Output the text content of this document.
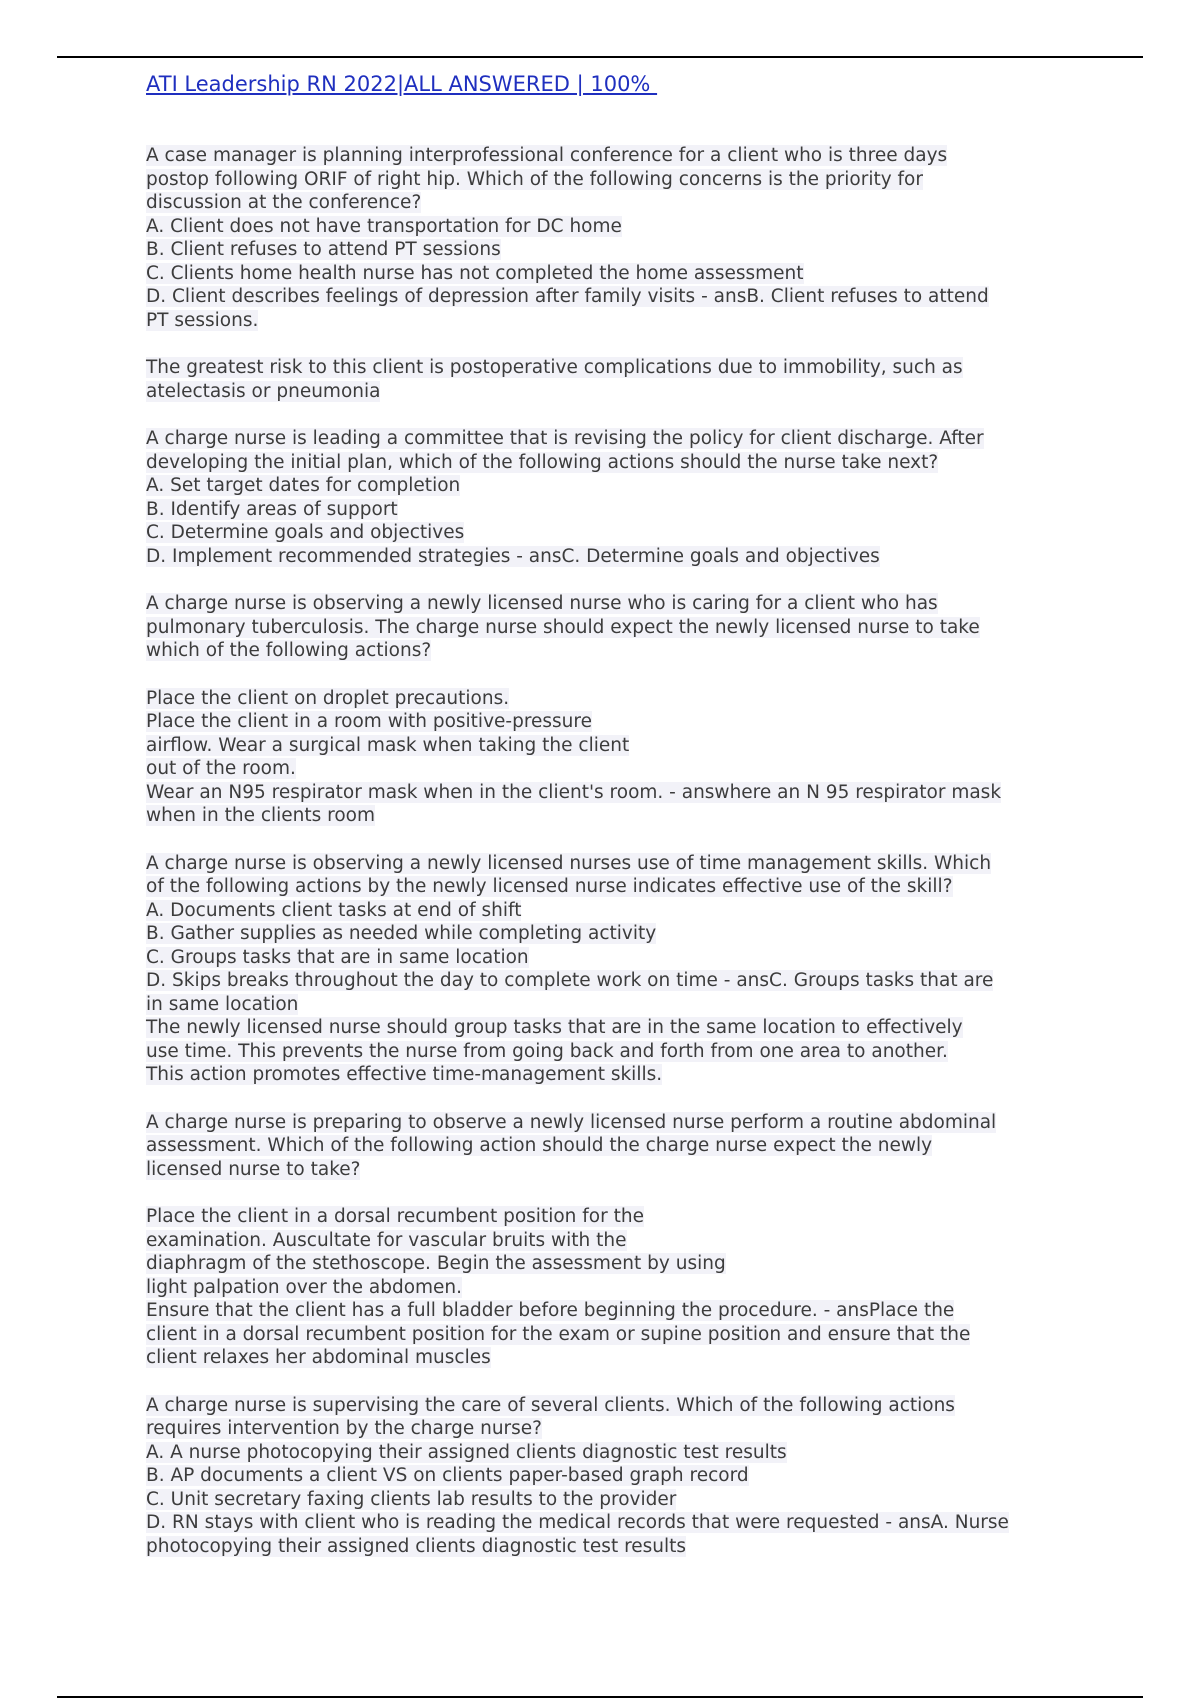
ATI Leadership RN 2022|ALL ANSWERED | 100%
A case manager is planning interprofessional conference for a client who is three days
postop following ORIF of right hip. Which of the following concerns is the priority for
discussion at the conference?
A. Client does not have transportation for DC home
B. Client refuses to attend PT sessions
C. Clients home health nurse has not completed the home assessment
D. Client describes feelings of depression after family visits - ansB. Client refuses to attend
PT sessions.
The greatest risk to this client is postoperative complications due to immobility, such as
atelectasis or pneumonia
A charge nurse is leading a committee that is revising the policy for client discharge. After
developing the initial plan, which of the following actions should the nurse take next?
A. Set target dates for completion
B. Identify areas of support
C. Determine goals and objectives
D. Implement recommended strategies - ansC. Determine goals and objectives
A charge nurse is observing a newly licensed nurse who is caring for a client who has
pulmonary tuberculosis. The charge nurse should expect the newly licensed nurse to take
which of the following actions?
Place the client on droplet precautions.
Place the client in a room with positive-pressure
airflow. Wear a surgical mask when taking the client
out of the room.
Wear an N95 respirator mask when in the client's room. - answhere an N 95 respirator mask
when in the clients room
A charge nurse is observing a newly licensed nurses use of time management skills. Which
of the following actions by the newly licensed nurse indicates effective use of the skill?
A. Documents client tasks at end of shift
B. Gather supplies as needed while completing activity
C. Groups tasks that are in same location
D. Skips breaks throughout the day to complete work on time - ansC. Groups tasks that are
in same location
The newly licensed nurse should group tasks that are in the same location to effectively
use time. This prevents the nurse from going back and forth from one area to another.
This action promotes effective time-management skills.
A charge nurse is preparing to observe a newly licensed nurse perform a routine abdominal
assessment. Which of the following action should the charge nurse expect the newly
licensed nurse to take?
Place the client in a dorsal recumbent position for the
examination. Auscultate for vascular bruits with the
diaphragm of the stethoscope. Begin the assessment by using
light palpation over the abdomen.
Ensure that the client has a full bladder before beginning the procedure. - ansPlace the
client in a dorsal recumbent position for the exam or supine position and ensure that the
client relaxes her abdominal muscles
A charge nurse is supervising the care of several clients. Which of the following actions
requires intervention by the charge nurse?
A. A nurse photocopying their assigned clients diagnostic test results
B. AP documents a client VS on clients paper-based graph record
C. Unit secretary faxing clients lab results to the provider
D. RN stays with client who is reading the medical records that were requested - ansA. Nurse
photocopying their assigned clients diagnostic test results
